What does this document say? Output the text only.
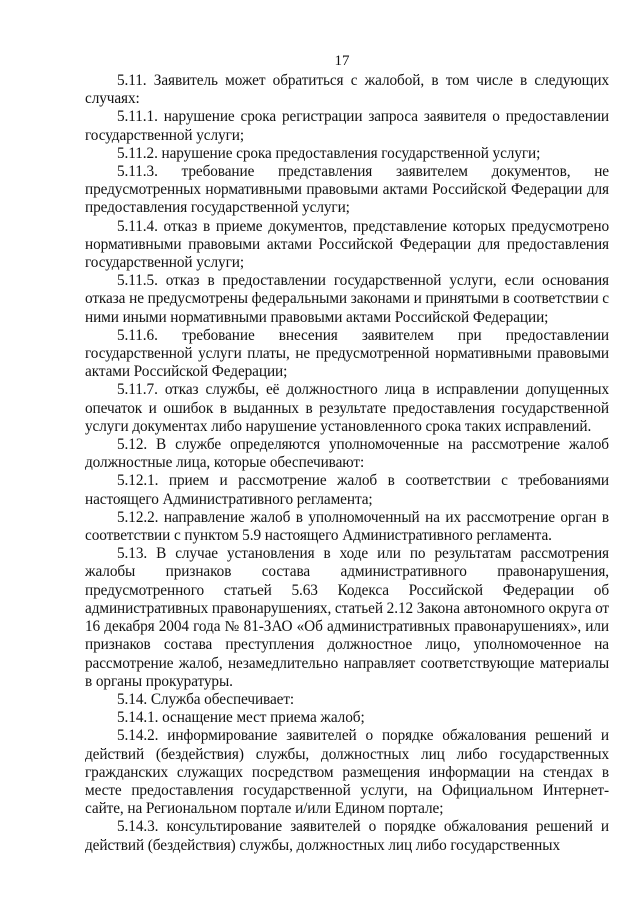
17

5.11. Заявитель может обратиться с жалобой, в том числе в следующих случаях:

5.11.1. нарушение срока регистрации запроса заявителя о предоставлении государственной услуги;

5.11.2. нарушение срока предоставления государственной услуги;

5.11.3. требование представления заявителем документов, не предусмотренных нормативными правовыми актами Российской Федерации для предоставления государственной услуги;

5.11.4. отказ в приеме документов, представление которых предусмотрено нормативными правовыми актами Российской Федерации для предоставления государственной услуги;

5.11.5. отказ в предоставлении государственной услуги, если основания отказа не предусмотрены федеральными законами и принятыми в соответствии с ними иными нормативными правовыми актами Российской Федерации;

5.11.6. требование внесения заявителем при предоставлении государственной услуги платы, не предусмотренной нормативными правовыми актами Российской Федерации;

5.11.7. отказ службы, её должностного лица в исправлении допущенных опечаток и ошибок в выданных в результате предоставления государственной услуги документах либо нарушение установленного срока таких исправлений.

5.12. В службе определяются уполномоченные на рассмотрение жалоб должностные лица, которые обеспечивают:

5.12.1. прием и рассмотрение жалоб в соответствии с требованиями настоящего Административного регламента;

5.12.2. направление жалоб в уполномоченный на их рассмотрение орган в соответствии с пунктом 5.9 настоящего Административного регламента.

5.13. В случае установления в ходе или по результатам рассмотрения жалобы признаков состава административного правонарушения, предусмотренного статьей 5.63 Кодекса Российской Федерации об административных правонарушениях, статьей 2.12 Закона автономного округа от 16 декабря 2004 года № 81-ЗАО «Об административных правонарушениях», или признаков состава преступления должностное лицо, уполномоченное на рассмотрение жалоб, незамедлительно направляет соответствующие материалы в органы прокуратуры.

5.14. Служба обеспечивает:

5.14.1. оснащение мест приема жалоб;

5.14.2. информирование заявителей о порядке обжалования решений и действий (бездействия) службы, должностных лиц либо государственных гражданских служащих посредством размещения информации на стендах в месте предоставления государственной услуги, на Официальном Интернет-сайте, на Региональном портале и/или Едином портале;

5.14.3. консультирование заявителей о порядке обжалования решений и действий (бездействия) службы, должностных лиц либо государственных
